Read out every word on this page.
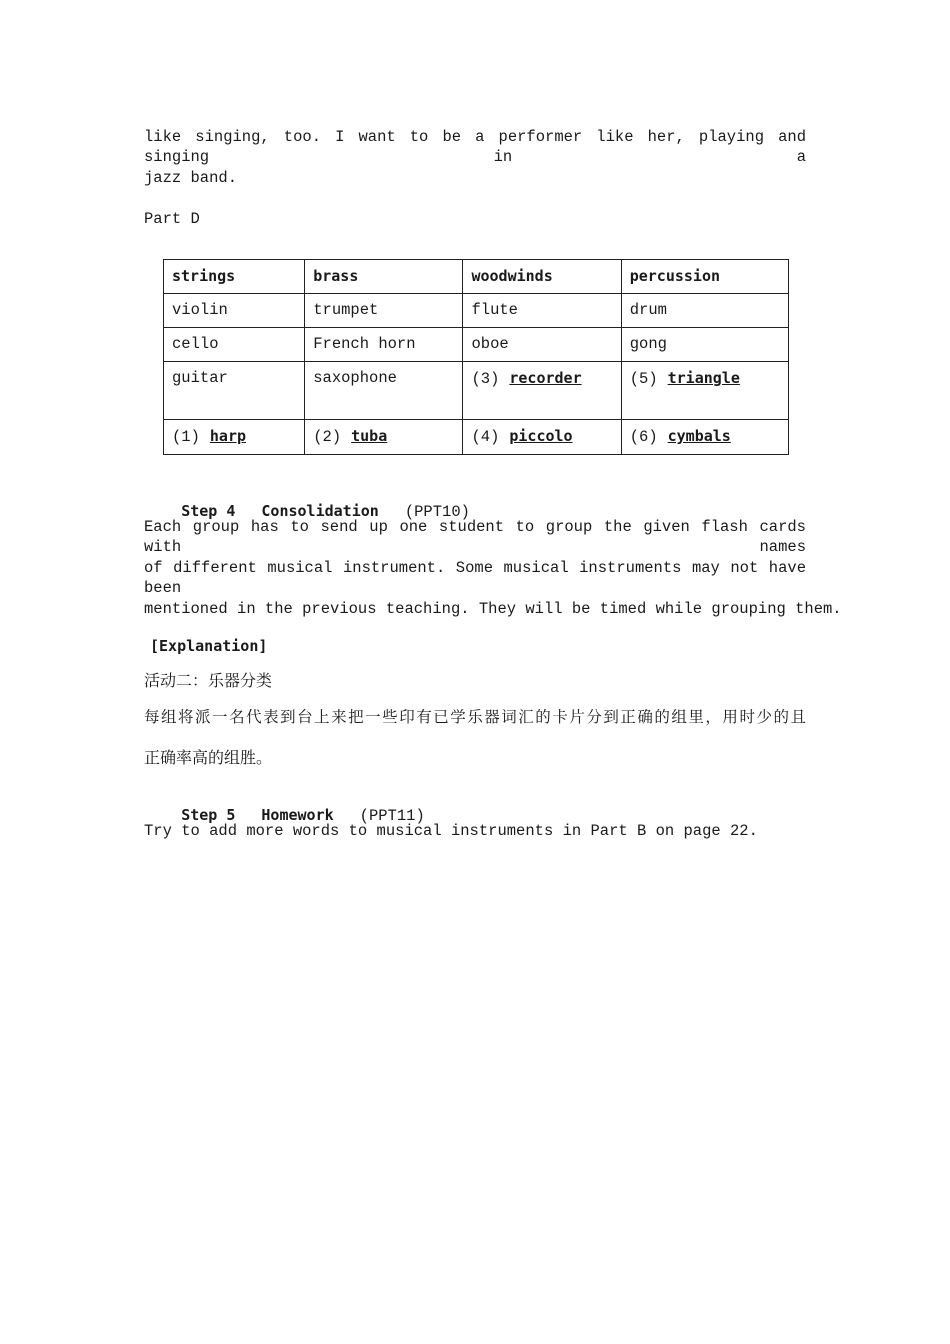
like singing, too. I want to be a performer like her, playing and singing in a
jazz band.
Part D
strings	brass	woodwinds	percussion
violin	trumpet	flute	drum
cello	French horn	oboe	gong
guitar	saxophone	(3) recorder	(5) triangle
(1) harp	(2) tuba	(4) piccolo	(6) cymbals

Step 4 Consolidation (PPT10)

Each group has to send up one student to group the given flash cards with names
of different musical instrument. Some musical instruments may not have been
mentioned in the previous teaching. They will be timed while grouping them.
[Explanation]
活动二：乐器分类
每组将派一名代表到台上来把一些印有已学乐器词汇的卡片分到正确的组里，用时少的且
正确率高的组胜。

Step 5 Homework (PPT11)

Try to add more words to musical instruments in Part B on page 22.
